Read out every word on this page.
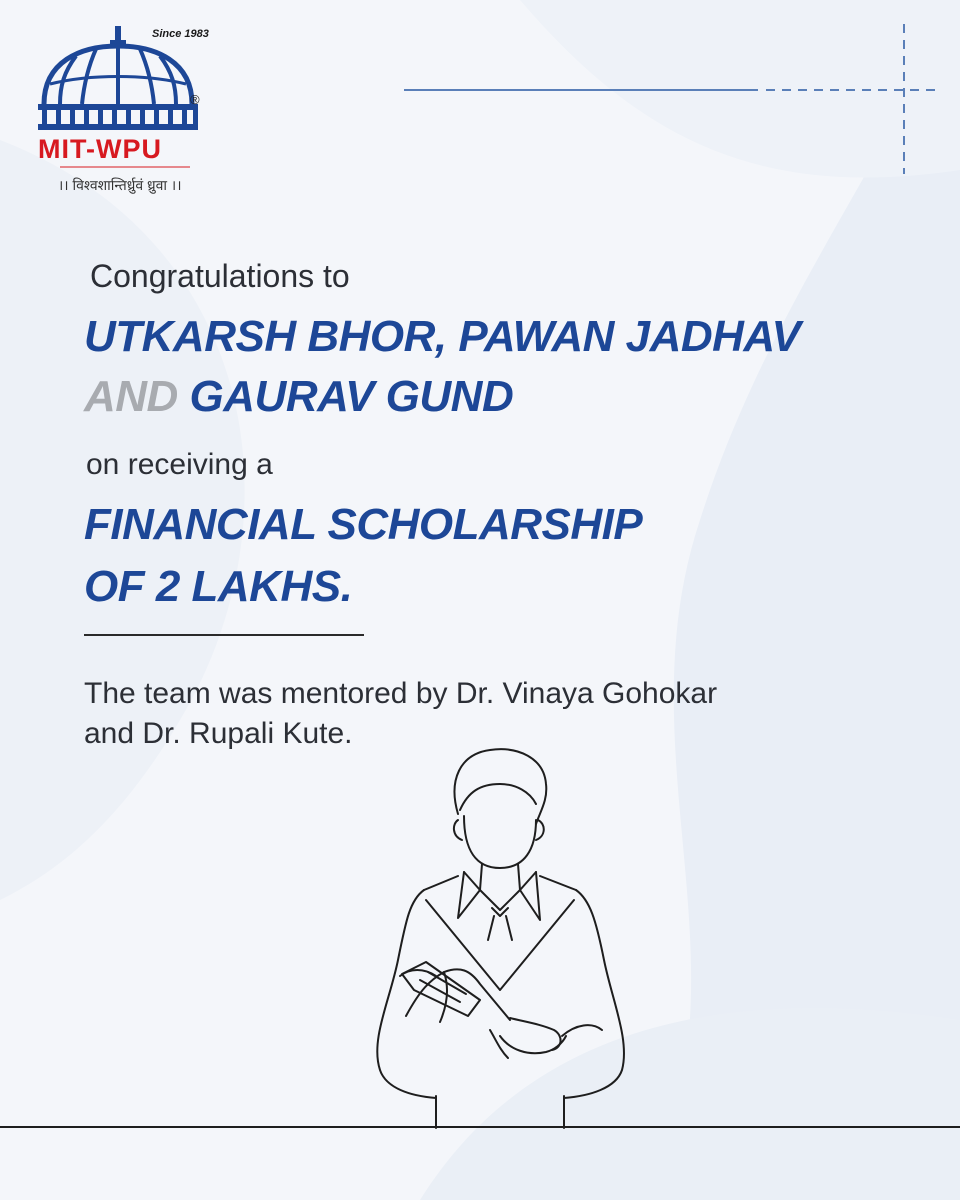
Since 1983
®
MIT-WPU
।। विश्वशान्तिर्ध्रुवं ध्रुवा ।।
Congratulations to
UTKARSH BHOR, PAWAN JADHAV
AND GAURAV GUND
on receiving a
FINANCIAL SCHOLARSHIP
OF 2 LAKHS.
The team was mentored by Dr. Vinaya Gohokar
and Dr. Rupali Kute.
